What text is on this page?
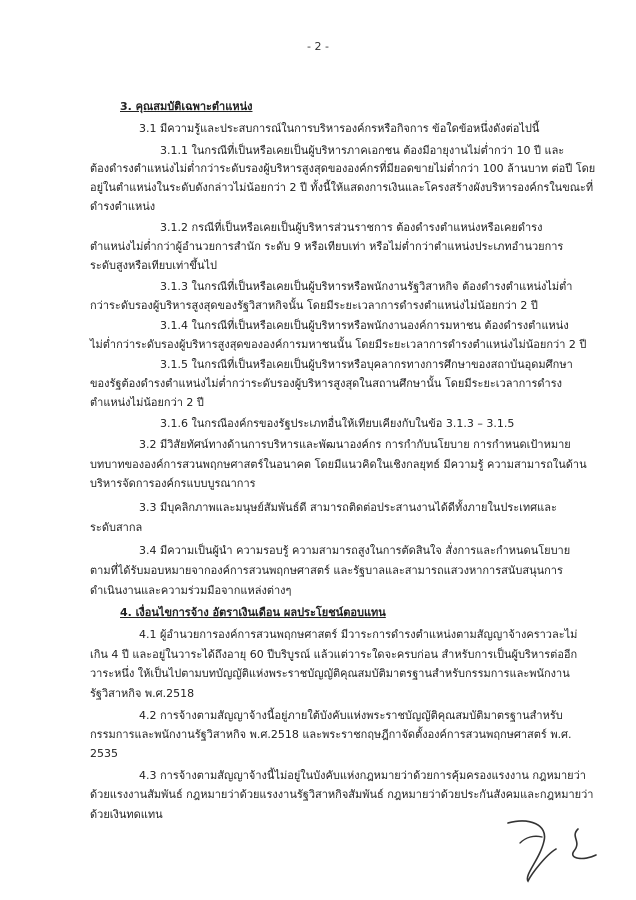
- 2 -
3. คุณสมบัติเฉพาะตำแหน่ง
3.1 มีความรู้และประสบการณ์ในการบริหารองค์กรหรือกิจการ ข้อใดข้อหนึ่งดังต่อไปนี้
3.1.1 ในกรณีที่เป็นหรือเคยเป็นผู้บริหารภาคเอกชน ต้องมีอายุงานไม่ต่ำกว่า 10 ปี และ
ต้องดำรงตำแหน่งไม่ต่ำกว่าระดับรองผู้บริหารสูงสุดขององค์กรที่มียอดขายไม่ต่ำกว่า 100 ล้านบาท ต่อปี โดย
อยู่ในตำแหน่งในระดับดังกล่าวไม่น้อยกว่า 2 ปี ทั้งนี้ให้แสดงการเงินและโครงสร้างผังบริหารองค์กรในขณะที่
ดำรงตำแหน่ง
3.1.2 กรณีที่เป็นหรือเคยเป็นผู้บริหารส่วนราชการ ต้องดำรงตำแหน่งหรือเคยดำรง
ตำแหน่งไม่ต่ำกว่าผู้อำนวยการสำนัก ระดับ 9 หรือเทียบเท่า หรือไม่ต่ำกว่าตำแหน่งประเภทอำนวยการ
ระดับสูงหรือเทียบเท่าขึ้นไป
3.1.3 ในกรณีที่เป็นหรือเคยเป็นผู้บริหารหรือพนักงานรัฐวิสาหกิจ ต้องดำรงตำแหน่งไม่ต่ำ
กว่าระดับรองผู้บริหารสูงสุดของรัฐวิสาหกิจนั้น โดยมีระยะเวลาการดำรงตำแหน่งไม่น้อยกว่า 2 ปี
3.1.4 ในกรณีที่เป็นหรือเคยเป็นผู้บริหารหรือพนักงานองค์การมหาชน ต้องดำรงตำแหน่ง
ไม่ต่ำกว่าระดับรองผู้บริหารสูงสุดขององค์การมหาชนนั้น โดยมีระยะเวลาการดำรงตำแหน่งไม่น้อยกว่า 2 ปี
3.1.5 ในกรณีที่เป็นหรือเคยเป็นผู้บริหารหรือบุคลากรทางการศึกษาของสถาบันอุดมศึกษา
ของรัฐต้องดำรงตำแหน่งไม่ต่ำกว่าระดับรองผู้บริหารสูงสุดในสถานศึกษานั้น โดยมีระยะเวลาการดำรง
ตำแหน่งไม่น้อยกว่า 2 ปี
3.1.6 ในกรณีองค์กรของรัฐประเภทอื่นให้เทียบเคียงกับในข้อ 3.1.3 – 3.1.5
3.2 มีวิสัยทัศน์ทางด้านการบริหารและพัฒนาองค์กร การกำกับนโยบาย การกำหนดเป้าหมาย
บทบาทขององค์การสวนพฤกษศาสตร์ในอนาคต โดยมีแนวคิดในเชิงกลยุทธ์ มีความรู้ ความสามารถในด้าน
บริหารจัดการองค์กรแบบบูรณาการ
3.3 มีบุคลิกภาพและมนุษย์สัมพันธ์ดี สามารถติดต่อประสานงานได้ดีทั้งภายในประเทศและ
ระดับสากล
3.4 มีความเป็นผู้นำ ความรอบรู้ ความสามารถสูงในการตัดสินใจ สั่งการและกำหนดนโยบาย
ตามที่ได้รับมอบหมายจากองค์การสวนพฤกษศาสตร์ และรัฐบาลและสามารถแสวงหาการสนับสนุนการ
ดำเนินงานและความร่วมมือจากแหล่งต่างๆ
4. เงื่อนไขการจ้าง อัตราเงินเดือน ผลประโยชน์ตอบแทน
4.1 ผู้อำนวยการองค์การสวนพฤกษศาสตร์ มีวาระการดำรงตำแหน่งตามสัญญาจ้างคราวละไม่
เกิน 4 ปี และอยู่ในวาระได้ถึงอายุ 60 ปีบริบูรณ์ แล้วแต่วาระใดจะครบก่อน สำหรับการเป็นผู้บริหารต่ออีก
วาระหนึ่ง ให้เป็นไปตามบทบัญญัติแห่งพระราชบัญญัติคุณสมบัติมาตรฐานสำหรับกรรมการและพนักงาน
รัฐวิสาหกิจ พ.ศ.2518
4.2 การจ้างตามสัญญาจ้างนี้อยู่ภายใต้บังคับแห่งพระราชบัญญัติคุณสมบัติมาตรฐานสำหรับ
กรรมการและพนักงานรัฐวิสาหกิจ พ.ศ.2518 และพระราชกฤษฎีกาจัดตั้งองค์การสวนพฤกษศาสตร์ พ.ศ.
2535
4.3 การจ้างตามสัญญาจ้างนี้ไม่อยู่ในบังคับแห่งกฎหมายว่าด้วยการคุ้มครองแรงงาน กฎหมายว่า
ด้วยแรงงานสัมพันธ์ กฎหมายว่าด้วยแรงงานรัฐวิสาหกิจสัมพันธ์ กฎหมายว่าด้วยประกันสังคมและกฎหมายว่า
ด้วยเงินทดแทน
